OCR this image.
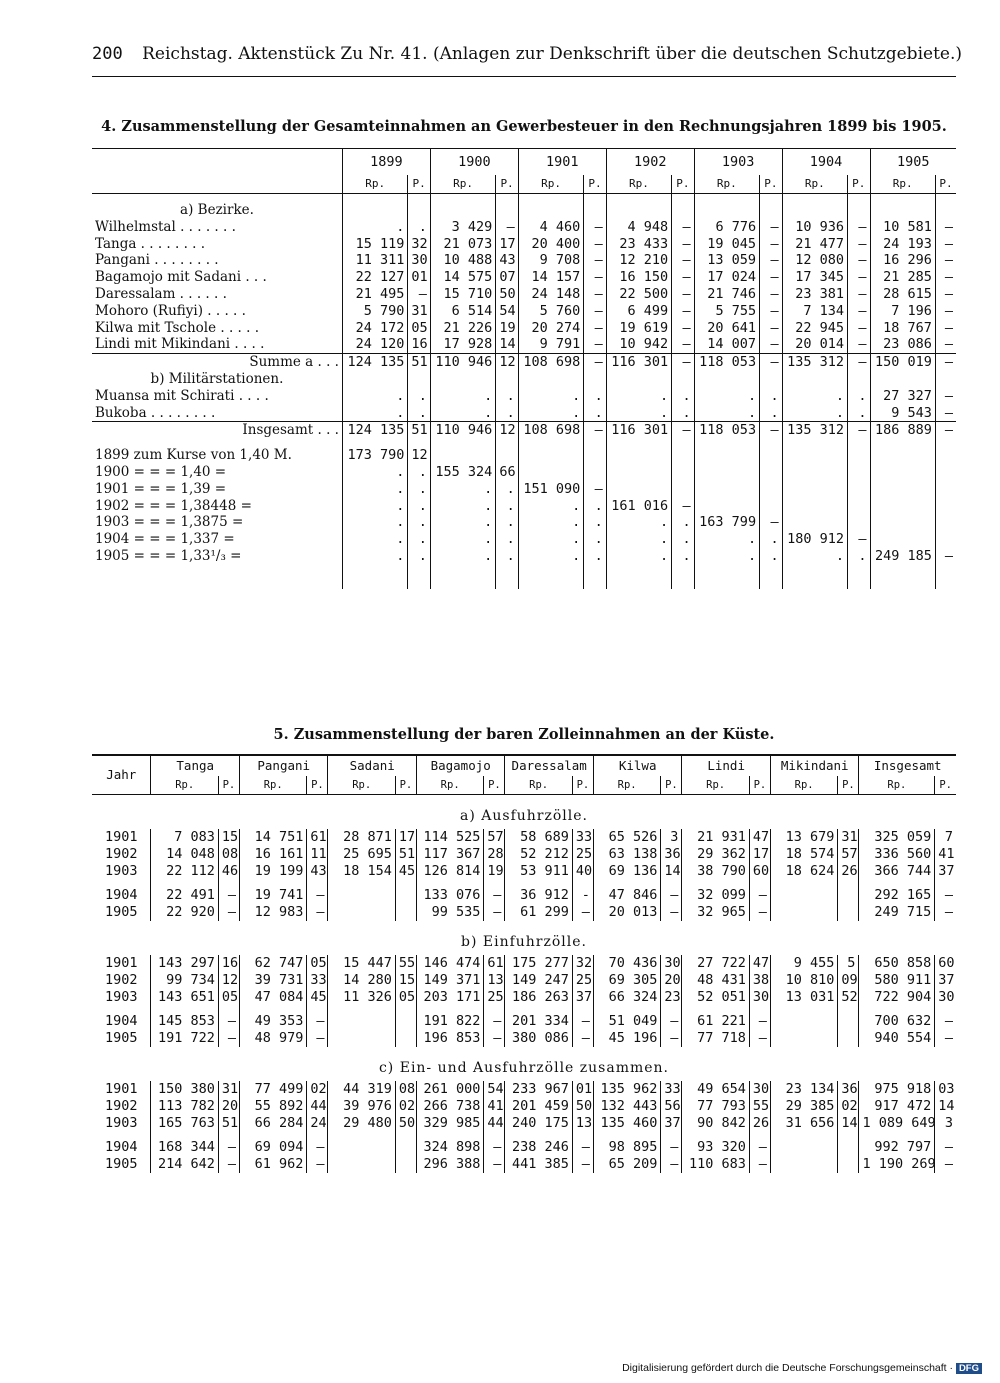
200 Reichstag. Aktenstück Zu Nr. 41. (Anlagen zur Denkschrift über die deutschen Schutzgebiete.)
4. Zusammenstellung der Gesamteinnahmen an Gewerbesteuer in den Rechnungsjahren 1899 bis 1905.
	1899		1900		1901		1902		1903		1904		1905	
	Rp.	P.	Rp.	P.	Rp.	P.	Rp.	P.	Rp.	P.	Rp.	P.	Rp.	P.

a) Bezirke.														
Wilhelmstal . . . . . . .	.	.	3 429	—	4 460	—	4 948	—	6 776	—	10 936	—	10 581	—
Tanga . . . . . . . .	15 119	32	21 073	17	20 400	—	23 433	—	19 045	—	21 477	—	24 193	—
Pangani . . . . . . . .	11 311	30	10 488	43	9 708	—	12 210	—	13 059	—	12 080	—	16 296	—
Bagamojo mit Sadani . . .	22 127	01	14 575	07	14 157	—	16 150	—	17 024	—	17 345	—	21 285	—
Daressalam . . . . . .	21 495	—	15 710	50	24 148	—	22 500	—	21 746	—	23 381	—	28 615	—
Mohoro (Rufiyi) . . . . .	5 790	31	6 514	54	5 760	—	6 499	—	5 755	—	7 134	—	7 196	—
Kilwa mit Tschole . . . . .	24 172	05	21 226	19	20 274	—	19 619	—	20 641	—	22 945	—	18 767	—
Lindi mit Mikindani . . . .	24 120	16	17 928	14	9 791	—	10 942	—	14 007	—	20 014	—	23 086	—
Summe a . . .	124 135	51	110 946	12	108 698	—	116 301	—	118 053	—	135 312	—	150 019	—
b) Militärstationen.														
Muansa mit Schirati . . . .	.	.	.	.	.	.	.	.	.	.	.	.	27 327	—
Bukoba . . . . . . . .	.	.	.	.	.	.	.	.	.	.	.	.	9 543	—
Insgesamt . . .	124 135	51	110 946	12	108 698	—	116 301	—	118 053	—	135 312	—	186 889	—

1899 zum Kurse von 1,40 M.	173 790	12												
1900 = = = 1,40 =	.	.	155 324	66										
1901 = = = 1,39 =	.	.	.	.	151 090	—								
1902 = = = 1,38448 =	.	.	.	.	.	.	161 016	—						
1903 = = = 1,3875 =	.	.	.	.	.	.	.	.	163 799	—				
1904 = = = 1,337 =	.	.	.	.	.	.	.	.	.	.	180 912	—		
1905 = = = 1,33¹/₃ =	.	.	.	.	.	.	.	.	.	.	.	.	249 185	—

5. Zusammenstellung der baren Zolleinnahmen an der Küste.
Jahr	Tanga		Pangani		Sadani		Bagamojo		Daressalam		Kilwa		Lindi		Mikindani		Insgesamt	
	Rp.	P.	Rp.	P.	Rp.	P.	Rp.	P.	Rp.	P.	Rp.	P.	Rp.	P.	Rp.	P.	Rp.	P.
a) Ausfuhrzölle.																		
1901	7 083	15	14 751	61	28 871	17	114 525	57	58 689	33	65 526	3	21 931	47	13 679	31	325 059	7
1902	14 048	08	16 161	11	25 695	51	117 367	28	52 212	25	63 138	36	29 362	17	18 574	57	336 560	41
1903	22 112	46	19 199	43	18 154	45	126 814	19	53 911	40	69 136	14	38 790	60	18 624	26	366 744	37

1904	22 491	—	19 741	—			133 076	—	36 912	-	47 846	—	32 099	—			292 165	—
1905	22 920	—	12 983	—			99 535	—	61 299	—	20 013	—	32 965	—			249 715	—
b) Einfuhrzölle.																		
1901	143 297	16	62 747	05	15 447	55	146 474	61	175 277	32	70 436	30	27 722	47	9 455	5	650 858	60
1902	99 734	12	39 731	33	14 280	15	149 371	13	149 247	25	69 305	20	48 431	38	10 810	09	580 911	37
1903	143 651	05	47 084	45	11 326	05	203 171	25	186 263	37	66 324	23	52 051	30	13 031	52	722 904	30

1904	145 853	—	49 353	—			191 822	—	201 334	—	51 049	—	61 221	—			700 632	—
1905	191 722	—	48 979	—			196 853	—	380 086	—	45 196	—	77 718	—			940 554	—
c) Ein- und Ausfuhrzölle zusammen.																		
1901	150 380	31	77 499	02	44 319	08	261 000	54	233 967	01	135 962	33	49 654	30	23 134	36	975 918	03
1902	113 782	20	55 892	44	39 976	02	266 738	41	201 459	50	132 443	56	77 793	55	29 385	02	917 472	14
1903	165 763	51	66 284	24	29 480	50	329 985	44	240 175	13	135 460	37	90 842	26	31 656	14	1 089 649	3

1904	168 344	—	69 094	—			324 898	—	238 246	—	98 895	—	93 320	—			992 797	—
1905	214 642	—	61 962	—			296 388	—	441 385	—	65 209	—	110 683	—			1 190 269	—
Digitalisierung gefördert durch die Deutsche Forschungsgemeinschaft · DFG
